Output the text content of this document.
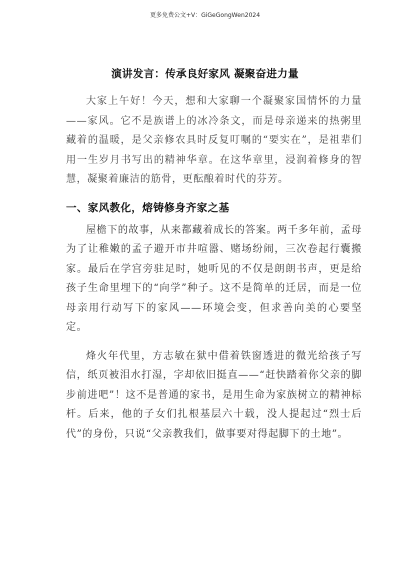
更多免费公文+V：GiGeGongWen2024
演讲发言：传承良好家风 凝聚奋进力量

大家上午好！今天，想和大家聊一个凝聚家国情怀的力量——家风。它不是族谱上的冰冷条文，而是母亲递来的热粥里藏着的温暖，是父亲修农具时反复叮嘱的“要实在”，是祖辈们用一生岁月书写出的精神华章。在这华章里，浸润着修身的智慧，凝聚着廉洁的筋骨，更酝酿着时代的芬芳。

一、家风教化，熔铸修身齐家之基

屋檐下的故事，从来都藏着成长的答案。两千多年前，孟母为了让稚嫩的孟子避开市井喧嚣、赌场纷闹，三次卷起行囊搬家。最后在学宫旁驻足时，她听见的不仅是朗朗书声，更是给孩子生命里埋下的“向学”种子。这不是简单的迁居，而是一位母亲用行动写下的家风——环境会变，但求善向美的心要坚定。

烽火年代里，方志敏在狱中借着铁窗透进的微光给孩子写信，纸页被泪水打湿，字却依旧挺直——“赶快踏着你父亲的脚步前进吧”！这不是普通的家书，是用生命为家族树立的精神标杆。后来，他的子女们扎根基层六十载，没人提起过“烈士后代”的身份，只说“父亲教我们，做事要对得起脚下的土地”。
